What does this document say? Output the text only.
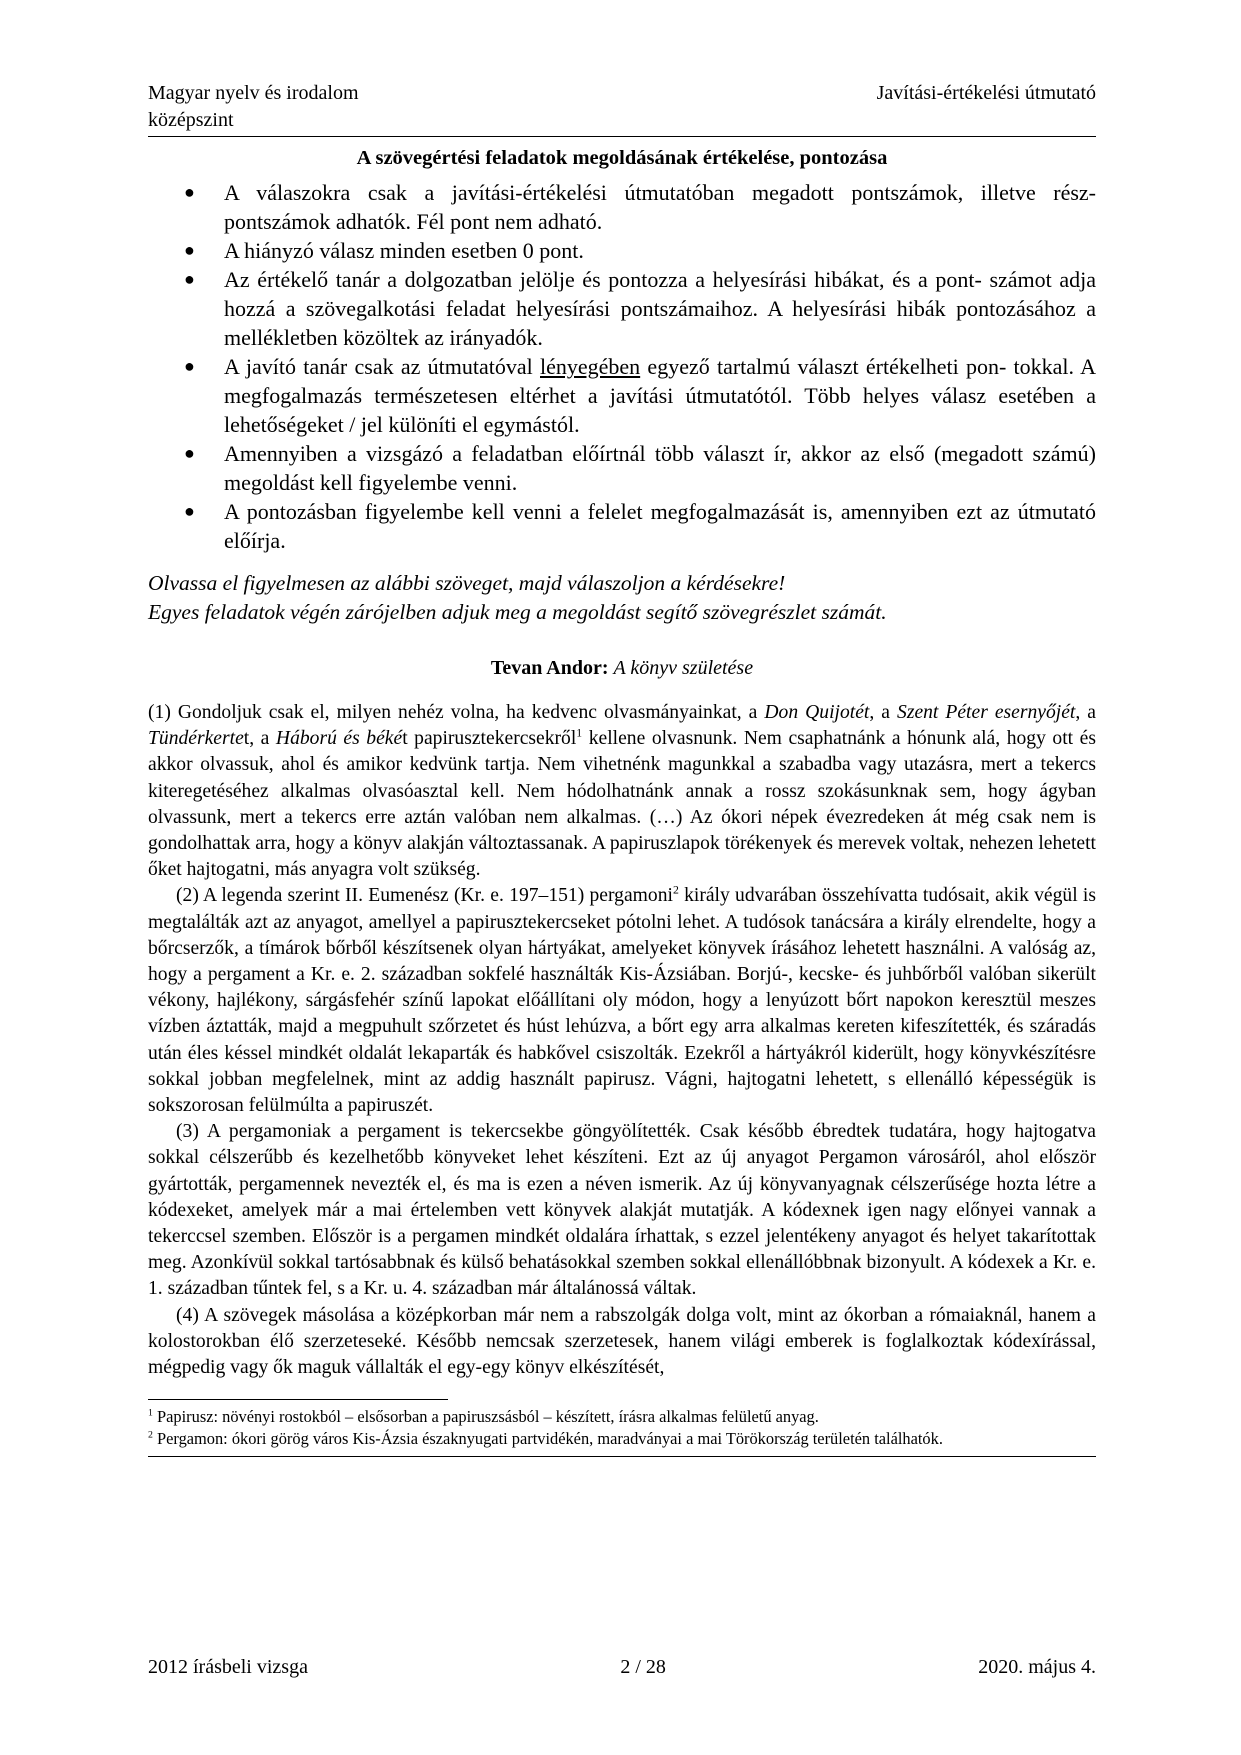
Magyar nyelv és irodalom
középszint
Javítási-értékelési útmutató
A szövegértési feladatok megoldásának értékelése, pontozása
● A válaszokra csak a javítási-értékelési útmutatóban megadott pontszámok, illetve rész- pontszámok adhatók. Fél pont nem adható.
● A hiányzó válasz minden esetben 0 pont.
● Az értékelő tanár a dolgozatban jelölje és pontozza a helyesírási hibákat, és a pont- számot adja hozzá a szövegalkotási feladat helyesírási pontszámaihoz. A helyesírási hibák pontozásához a mellékletben közöltek az irányadók.
● A javító tanár csak az útmutatóval lényegében egyező tartalmú választ értékelheti pon- tokkal. A megfogalmazás természetesen eltérhet a javítási útmutatótól. Több helyes válasz esetében a lehetőségeket / jel különíti el egymástól.
● Amennyiben a vizsgázó a feladatban előírtnál több választ ír, akkor az első (megadott számú) megoldást kell figyelembe venni.
● A pontozásban figyelembe kell venni a felelet megfogalmazását is, amennyiben ezt az útmutató előírja.
Olvassa el figyelmesen az alábbi szöveget, majd válaszoljon a kérdésekre!
Egyes feladatok végén zárójelben adjuk meg a megoldást segítő szövegrészlet számát.
Tevan Andor: A könyv születése

(1) Gondoljuk csak el, milyen nehéz volna, ha kedvenc olvasmányainkat, a Don Quijotét, a Szent Péter esernyőjét, a Tündérkertet, a Háború és békét papirusztekercsekről$^1$ kellene olvasnunk. Nem csaphatnánk a hónunk alá, hogy ott és akkor olvassuk, ahol és amikor kedvünk tartja. Nem vihetnénk magunkkal a szabadba vagy utazásra, mert a tekercs kiteregetéséhez alkalmas olvasóasztal kell. Nem hódolhatnánk annak a rossz szokásunknak sem, hogy ágyban olvassunk, mert a tekercs erre aztán valóban nem alkalmas. (…) Az ókori népek évezredeken át még csak nem is gondolhattak arra, hogy a könyv alakján változtassanak. A papiruszlapok törékenyek és merevek voltak, nehezen lehetett őket hajtogatni, más anyagra volt szükség.

(2) A legenda szerint II. Eumenész (Kr. e. 197–151) pergamoni$^2$ király udvarában összehívatta tudósait, akik végül is megtalálták azt az anyagot, amellyel a papirusztekercseket pótolni lehet. A tudósok tanácsára a király elrendelte, hogy a bőrcserzők, a tímárok bőrből készítsenek olyan hártyákat, amelyeket könyvek írásához lehetett használni. A valóság az, hogy a pergament a Kr. e. 2. században sokfelé használták Kis-Ázsiában. Borjú-, kecske- és juhbőrből valóban sikerült vékony, hajlékony, sárgásfehér színű lapokat előállítani oly módon, hogy a lenyúzott bőrt napokon keresztül meszes vízben áztatták, majd a megpuhult szőrzetet és húst lehúzva, a bőrt egy arra alkalmas kereten kifeszítették, és száradás után éles késsel mindkét oldalát lekaparták és habkővel csiszolták. Ezekről a hártyákról kiderült, hogy könyvkészítésre sokkal jobban megfelelnek, mint az addig használt papirusz. Vágni, hajtogatni lehetett, s ellenálló képességük is sokszorosan felülmúlta a papiruszét.

(3) A pergamoniak a pergament is tekercsekbe göngyölítették. Csak később ébredtek tudatára, hogy hajtogatva sokkal célszerűbb és kezelhetőbb könyveket lehet készíteni. Ezt az új anyagot Pergamon városáról, ahol először gyártották, pergamennek nevezték el, és ma is ezen a néven ismerik. Az új könyvanyagnak célszerűsége hozta létre a kódexeket, amelyek már a mai értelemben vett könyvek alakját mutatják. A kódexnek igen nagy előnyei vannak a tekerccsel szemben. Először is a pergamen mindkét oldalára írhattak, s ezzel jelentékeny anyagot és helyet takarítottak meg. Azonkívül sokkal tartósabbnak és külső behatásokkal szemben sokkal ellenállóbbnak bizonyult. A kódexek a Kr. e. 1. században tűntek fel, s a Kr. u. 4. században már általánossá váltak.

(4) A szövegek másolása a középkorban már nem a rabszolgák dolga volt, mint az ókorban a rómaiaknál, hanem a kolostorokban élő szerzeteseké. Később nemcsak szerzetesek, hanem világi emberek is foglalkoztak kódexírással, mégpedig vagy ők maguk vállalták el egy-egy könyv elkészítését,

$^1$ Papirusz: növényi rostokból – elsősorban a papiruszsásból – készített, írásra alkalmas felületű anyag.

$^2$ Pergamon: ókori görög város Kis-Ázsia északnyugati partvidékén, maradványai a mai Törökország területén találhatók.

2012 írásbeli vizsga	2 / 28	2020. május 4.
